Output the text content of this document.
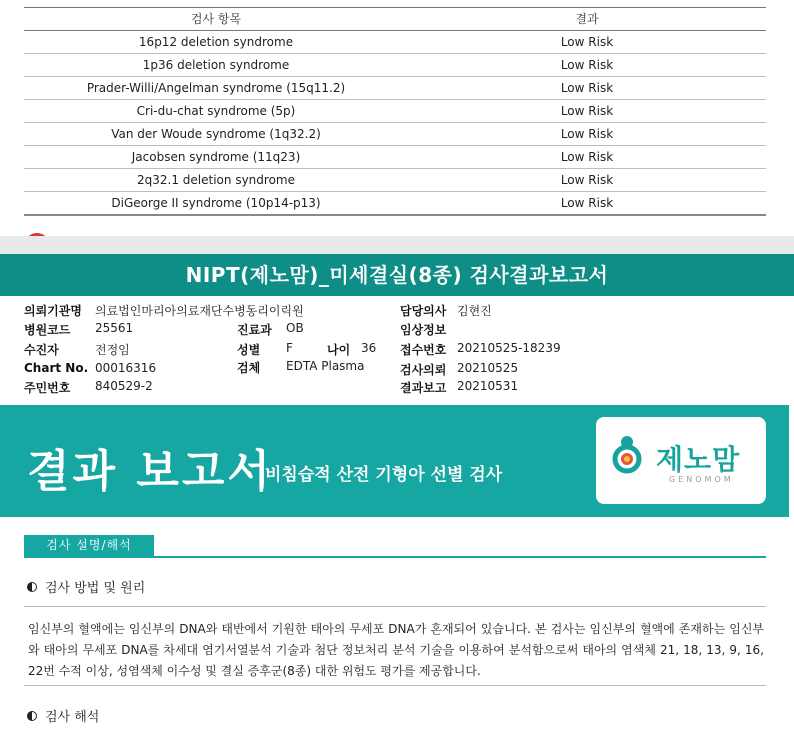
검사 항목	결과
16p12 deletion syndrome	Low Risk
1p36 deletion syndrome	Low Risk
Prader-Willi/Angelman syndrome (15q11.2)	Low Risk
Cri-du-chat syndrome (5p)	Low Risk
Van der Woude syndrome (1q32.2)	Low Risk
Jacobsen syndrome (11q23)	Low Risk
2q32.1 deletion syndrome	Low Risk
DiGeorge II syndrome (10p14-p13)	Low Risk
NIPT(제노맘)_미세결실(8종) 검사결과보고서
의뢰기관명 의료법인마리아의료재단수병동리이릭원
병원코드 25561
수진자	전정임
Chart No. 00016316
주민번호 840529-2
진료과 OB
성별 F	나이 36
검체 EDTA Plasma
담당의사 김현진
임상정보
접수번호 20210525-18239
검사의뢰 20210525
결과보고 20210531
결과 보고서
비침습적 산전 기형아 선별 검사	제노맘
GENOMOM
검사 설명/해석
검사 방법 및 원리
임신부의 혈액에는 임신부의 DNA와 태반에서 기원한 태아의 무세포 DNA가 혼재되어 있습니다. 본 검사는 임신부의 혈액에 존재하는 임신부와 태아의 무세포 DNA를 차세대 염기서열분석 기술과 첨단 정보처리 분석 기술을 이용하여 분석함으로써 태아의 염색체 21, 18, 13, 9, 16, 22번 수적 이상, 성염색체 이수성 및 결실 증후군(8종) 대한 위험도 평가를 제공합니다.
검사 해석
